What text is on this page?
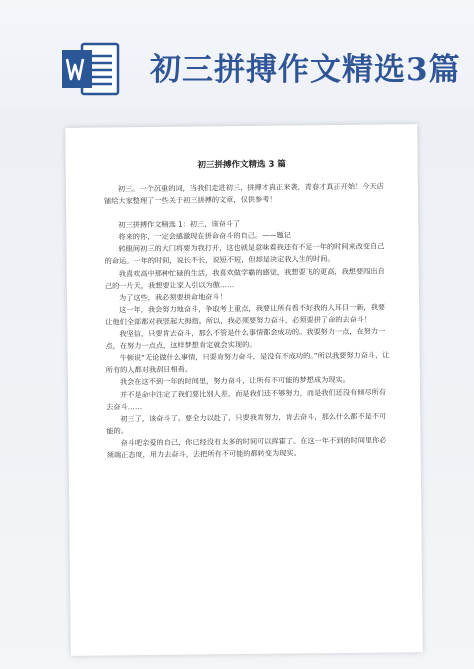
初三拼搏作文精选3篇
初三拼搏作文精选 3 篇

初三。一个沉重的词，当我们走进初三，拼搏才真正来袭，青春才真正开始！今天店铺给大家整理了一些关于初三拼搏的文章，仅供参考！

初三拼搏作文精选 1：初三，该奋斗了

将来的你，一定会感激现在拼命奋斗的自己。——题记

转眼间初三的大门将要为我打开，这也就是意味着我还有不足一年的时间来改变自己的命运。一年的时间，说长不长，说短不短，但却是决定我人生的时间。

我喜欢高中那种忙碌的生活，我喜欢做学霸的感觉，我想要飞的更高，我想要闯出自己的一片天，我想要让家人引以为傲……

为了这些，我必须要拼命地奋斗！

这一年，我会努力地奋斗，争取考上重点，我要让所有看不好我的人耳目一新，我要让他们全部都对我竖起大拇指。所以，我必须要努力奋斗，必须要拼了命的去奋斗！

我坚信，只要肯去奋斗，那么不管是什么事情都会成功的。我要努力一点，在努力一点，在努力一点点，这样梦想肯定就会实现的。

牛顿说“无论做什么事情，只要肯努力奋斗，是没有不成功的。”所以我要努力奋斗，让所有的人都对我刮目相看。

我会在这不到一年的时间里，努力奋斗，让所有不可能的梦想成为现实。

并不是命中注定了我们要比别人差，而是我们还不够努力，而是我们还没有倾尽所有去奋斗……

初三了，该奋斗了。要全力以赴了，只要我肯努力，肯去奋斗，那么什么都不是不可能的。

奋斗吧亲爱的自己，你已经没有太多的时间可以挥霍了。在这一年不到的时间里你必须端正态度，用力去奋斗，去把所有不可能的都转变为现实。
